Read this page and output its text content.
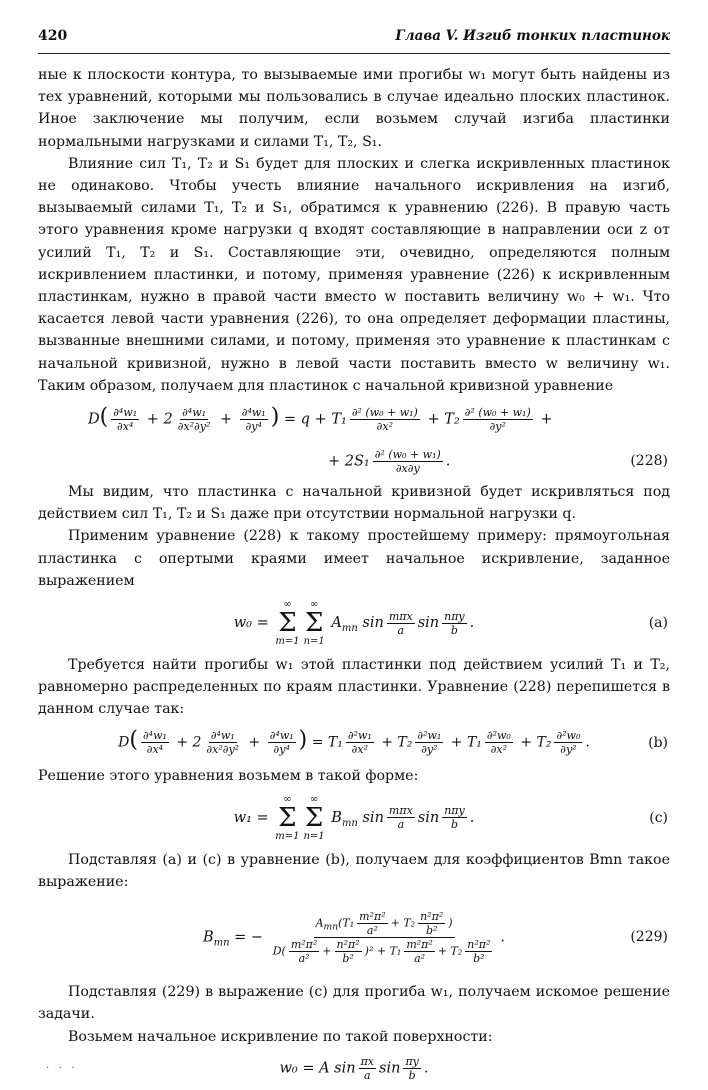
420	Глава V. Изгиб тонких пластинок

ные к плоскости контура, то вызываемые ими прогибы w₁ могут быть найдены из тех уравнений, которыми мы пользовались в случае идеально плоских пластинок. Иное заключение мы получим, если возьмем случай изгиба пластинки нормальными нагрузками и силами T₁, T₂, S₁.

Влияние сил T₁, T₂ и S₁ будет для плоских и слегка искривленных пластинок не одинаково. Чтобы учесть влияние начального искривления на изгиб, вызываемый силами T₁, T₂ и S₁, обратимся к уравнению (226). В правую часть этого уравнения кроме нагрузки q входят составляющие в направлении оси z от усилий T₁, T₂ и S₁. Составляющие эти, очевидно, определяются полным искривлением пластинки, и потому, применяя уравнение (226) к искривленным пластинкам, нужно в правой части вместо w поставить величину w₀ + w₁. Что касается левой части уравнения (226), то она определяет деформации пластины, вызванные внешними силами, и потому, применяя это уравнение к пластинкам с начальной кривизной, нужно в левой части поставить вместо w величину w₁. Таким образом, получаем для пластинок с начальной кривизной уравнение

$D( \frac{\text{∂⁴w₁}}{\text{∂x⁴}} + 2 \frac{\text{∂⁴w₁}}{\text{∂x²∂y²}} + \frac{\text{∂⁴w₁}}{\text{∂y⁴}}$ ) = $q + T_1 \frac{\text{∂² (w₀ + w₁)}}{\text{∂x²}} + T_2 \frac{\text{∂² (w₀ + w₁)}}{\text{∂y²}}$ +
+ $2S_1 \frac{\text{∂² (w₀ + w₁)}}{\partial x\partial y}$ .	(228)

Мы видим, что пластинка с начальной кривизной будет искривляться под действием сил T₁, T₂ и S₁ даже при отсутствии нормальной нагрузки q.

Применим уравнение (228) к такому простейшему примеру: прямоугольная пластинка с опертыми краями имеет начальное искривление, заданное выражением

w₀ =
∞
Σ
m=1
∞
Σ
n=1
$A_{mn}$ $\sin \frac{\text{mπx}}{a}$ $\sin \frac{\text{nπy}}{b}$ .	(a)

Требуется найти прогибы w₁ этой пластинки под действием усилий T₁ и T₂, равномерно распределенных по краям пластинки. Уравнение (228) перепишется в данном случае так:

$D( \frac{\text{∂⁴w₁}}{\text{∂x⁴}} + 2 \frac{\text{∂⁴w₁}}{\text{∂x²∂y²}} + \frac{\text{∂⁴w₁}}{\text{∂y⁴}}$ ) = $T_1 \frac{\text{∂²w₁}}{\text{∂x²}} + T_2 \frac{\text{∂²w₁}}{\text{∂y²}} + T_1 \frac{\text{∂²w₀}}{\text{∂x²}} + T_2 \frac{\text{∂²w₀}}{\text{∂y²}}$ .	(b)

Решение этого уравнения возьмем в такой форме:

w₁ =
∞
Σ
m=1
∞
Σ
n=1
$B_{mn}$ $\sin \frac{\text{mπx}}{a}$ $\sin \frac{\text{nπy}}{b}$ .	(c)

Подставляя (a) и (c) в уравнение (b), получаем для коэффициентов Bmn такое выражение:

$B_{mn}$ = − $\frac{A_{mn}(T_1 \frac{\text{m²π²}}{\text{a²}} + T_2 \frac{\text{n²π²}}{\text{b²}} )}{D( \frac{\text{m²π²}}{\text{a²}} + \frac{\text{n²π²}}{\text{b²}} )^2 + T_1 \frac{\text{m²π²}}{\text{a²}} + T_2 \frac{\text{n²π²}}{\text{b²}}}$ .	(229)

Подставляя (229) в выражение (c) для прогиба w₁, получаем искомое решение задачи.

Возьмем начальное искривление по такой поверхности:

·   ·   ·	w₀ = A $\sin \frac{\pi x}{a}$ $\sin \frac{\pi y}{b}$ .
